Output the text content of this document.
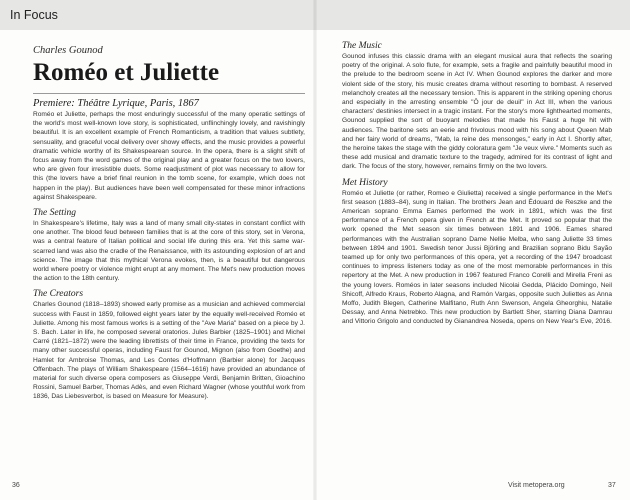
In Focus
Charles Gounod
Roméo et Juliette

Premiere: Théâtre Lyrique, Paris, 1867

Roméo et Juliette, perhaps the most enduringly successful of the many operatic settings of the world's most well-known love story, is sophisticated, unflinchingly lovely, and ravishingly beautiful. It is an excellent example of French Romanticism, a tradition that values subtlety, sensuality, and graceful vocal delivery over showy effects, and the music provides a powerful dramatic vehicle worthy of its Shakespearean source. In the opera, there is a slight shift of focus away from the word games of the original play and a greater focus on the two lovers, who are given four irresistible duets. Some readjustment of plot was necessary to allow for this (the lovers have a brief final reunion in the tomb scene, for example, which does not happen in the play). But audiences have been well compensated for these minor infractions against Shakespeare.

The Setting

In Shakespeare's lifetime, Italy was a land of many small city-states in constant conflict with one another. The blood feud between families that is at the core of this story, set in Verona, was a central feature of Italian political and social life during this era. Yet this same war-scarred land was also the cradle of the Renaissance, with its astounding explosion of art and science. The image that this mythical Verona evokes, then, is a beautiful but dangerous world where poetry or violence might erupt at any moment. The Met's new production moves the action to the 18th century.

The Creators

Charles Gounod (1818–1893) showed early promise as a musician and achieved commercial success with Faust in 1859, followed eight years later by the equally well-received Roméo et Juliette. Among his most famous works is a setting of the "Ave Maria" based on a piece by J. S. Bach. Later in life, he composed several oratorios. Jules Barbier (1825–1901) and Michel Carré (1821–1872) were the leading librettists of their time in France, providing the texts for many other successful operas, including Faust for Gounod, Mignon (also from Goethe) and Hamlet for Ambroise Thomas, and Les Contes d'Hoffmann (Barbier alone) for Jacques Offenbach. The plays of William Shakespeare (1564–1616) have provided an abundance of material for such diverse opera composers as Giuseppe Verdi, Benjamin Britten, Gioachino Rossini, Samuel Barber, Thomas Adès, and even Richard Wagner (whose youthful work from 1836, Das Liebesverbot, is based on Measure for Measure).

The Music

Gounod infuses this classic drama with an elegant musical aura that reflects the soaring poetry of the original. A solo flute, for example, sets a fragile and painfully beautiful mood in the prelude to the bedroom scene in Act IV. When Gounod explores the darker and more violent side of the story, his music creates drama without resorting to bombast. A reserved melancholy creates all the necessary tension. This is apparent in the striking opening chorus and especially in the arresting ensemble "Ô jour de deuil" in Act III, when the various characters' destinies intersect in a tragic instant. For the story's more lighthearted moments, Gounod supplied the sort of buoyant melodies that made his Faust a huge hit with audiences. The baritone sets an eerie and frivolous mood with his song about Queen Mab and her fairy world of dreams, "Mab, la reine des mensonges," early in Act I. Shortly after, the heroine takes the stage with the giddy coloratura gem "Je veux vivre." Moments such as these add musical and dramatic texture to the tragedy, admired for its contrast of light and dark. The focus of the story, however, remains firmly on the two lovers.

Met History

Roméo et Juliette (or rather, Romeo e Giulietta) received a single performance in the Met's first season (1883–84), sung in Italian. The brothers Jean and Édouard de Reszke and the American soprano Emma Eames performed the work in 1891, which was the first performance of a French opera given in French at the Met. It proved so popular that the work opened the Met season six times between 1891 and 1906. Eames shared performances with the Australian soprano Dame Nellie Melba, who sang Juliette 33 times between 1894 and 1901. Swedish tenor Jussi Björling and Brazilian soprano Bidu Sayão teamed up for only two performances of this opera, yet a recording of the 1947 broadcast continues to impress listeners today as one of the most memorable performances in this repertory at the Met. A new production in 1967 featured Franco Corelli and Mirella Freni as the young lovers. Roméos in later seasons included Nicolai Gedda, Plácido Domingo, Neil Shicoff, Alfredo Kraus, Roberto Alagna, and Ramón Vargas, opposite such Juliettes as Anna Moffo, Judith Blegen, Catherine Malfitano, Ruth Ann Swenson, Angela Gheorghiu, Natalie Dessay, and Anna Netrebko. This new production by Bartlett Sher, starring Diana Damrau and Vittorio Grigolo and conducted by Gianandrea Noseda, opens on New Year's Eve, 2016.

36	Visit metopera.org	37
